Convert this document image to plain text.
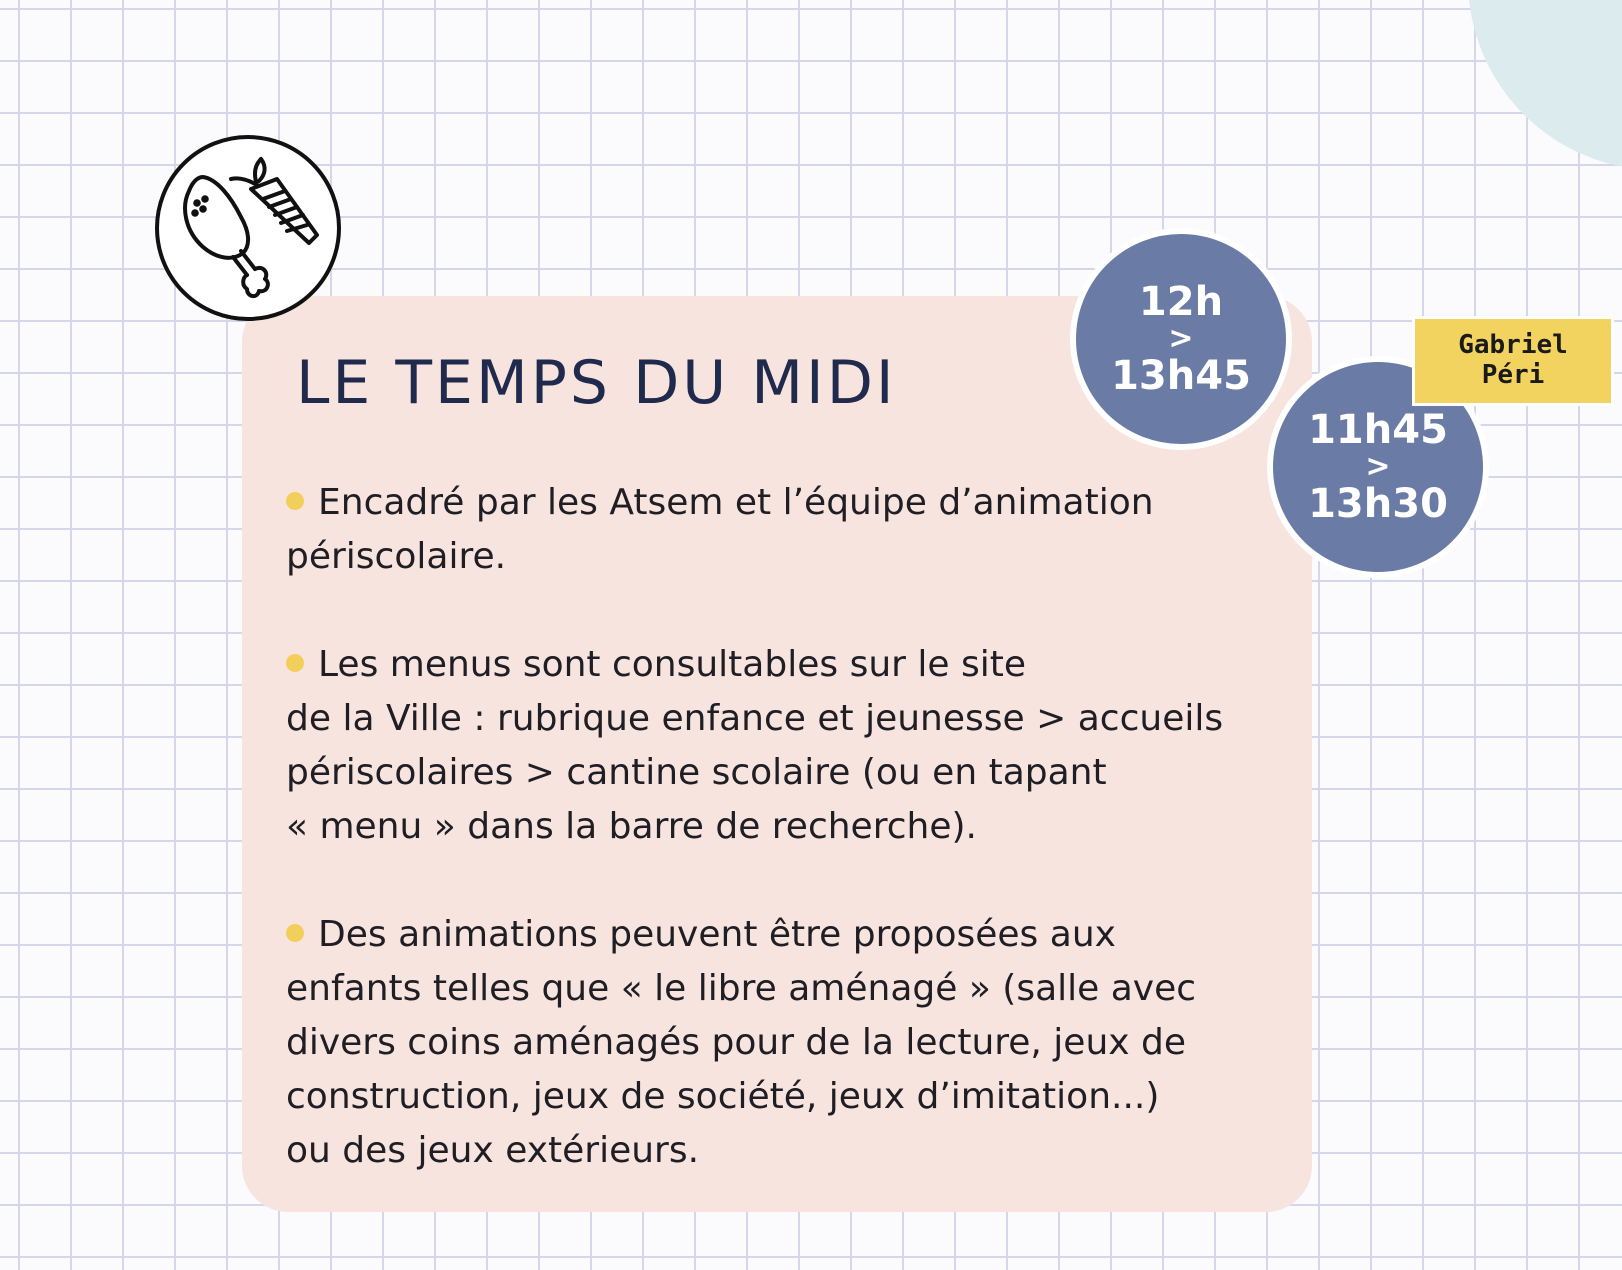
LE TEMPS DU MIDI

Encadré par les Atsem et l’équipe d’animation
périscolaire.

Les menus sont consultables sur le site
de la Ville : rubrique enfance et jeunesse > accueils
périscolaires > cantine scolaire (ou en tapant
« menu » dans la barre de recherche).

Des animations peuvent être proposées aux
enfants telles que « le libre aménagé » (salle avec
divers coins aménagés pour de la lecture, jeux de
construction, jeux de société, jeux d’imitation...)
ou des jeux extérieurs.

12h
>
13h45
11h45
>
13h30
Gabriel
Péri
